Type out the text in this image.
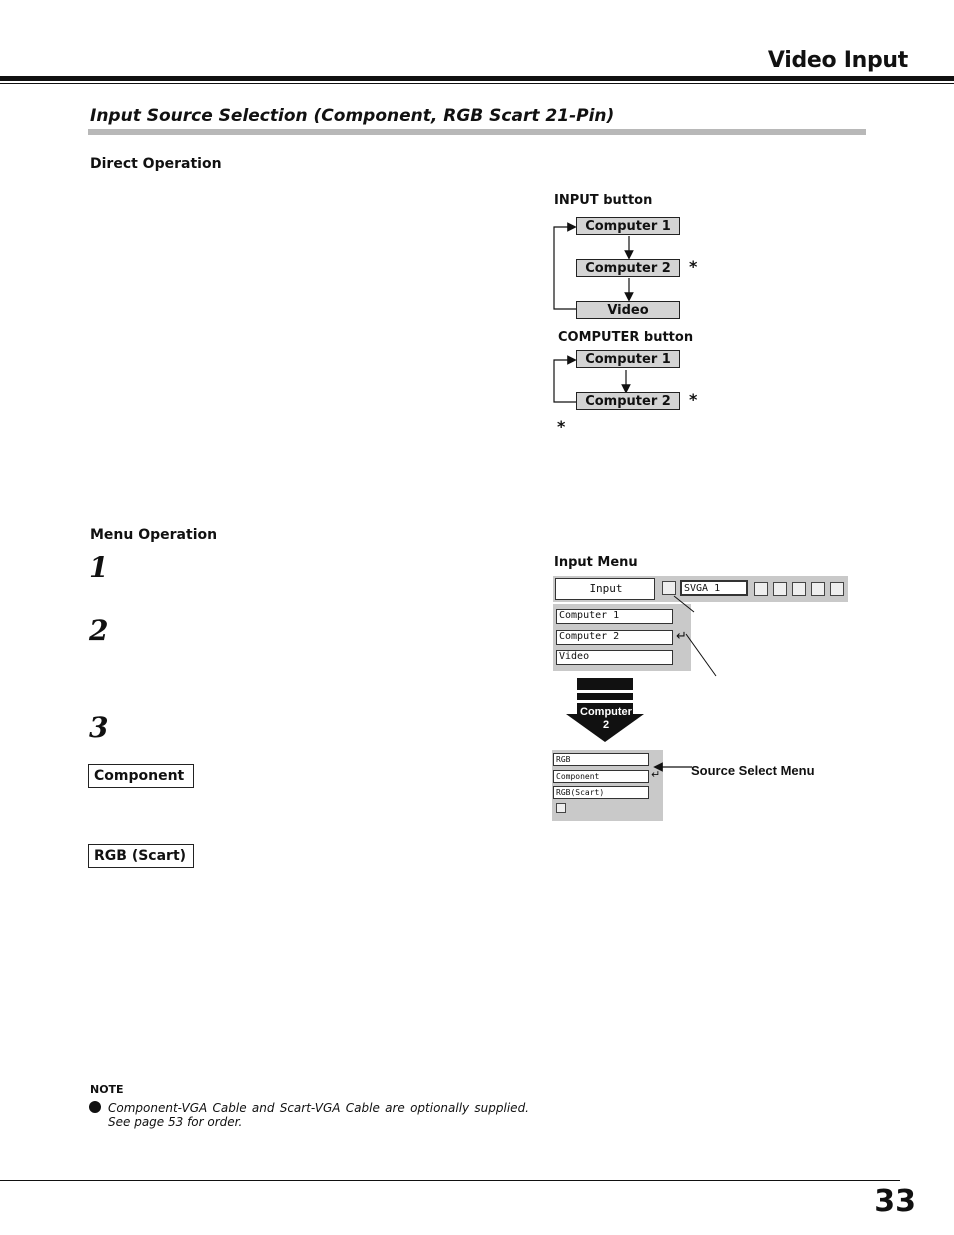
Video Input
Input Source Selection (Component, RGB Scart 21-Pin)
Direct Operation
INPUT button
Computer 1
Computer 2	*
Video
COMPUTER button
Computer 1
Computer 2	*
*
Menu Operation
1
2
3
Component
RGB (Scart)
Input Menu
Input	SVGA 1
Computer 1
Computer 2	↵
Video
Computer
2
RGB
Component	↵
RGB(Scart)
Source Select Menu
NOTE
Component-VGA Cable and Scart-VGA Cable are optionally supplied. See page 53 for order.
33
